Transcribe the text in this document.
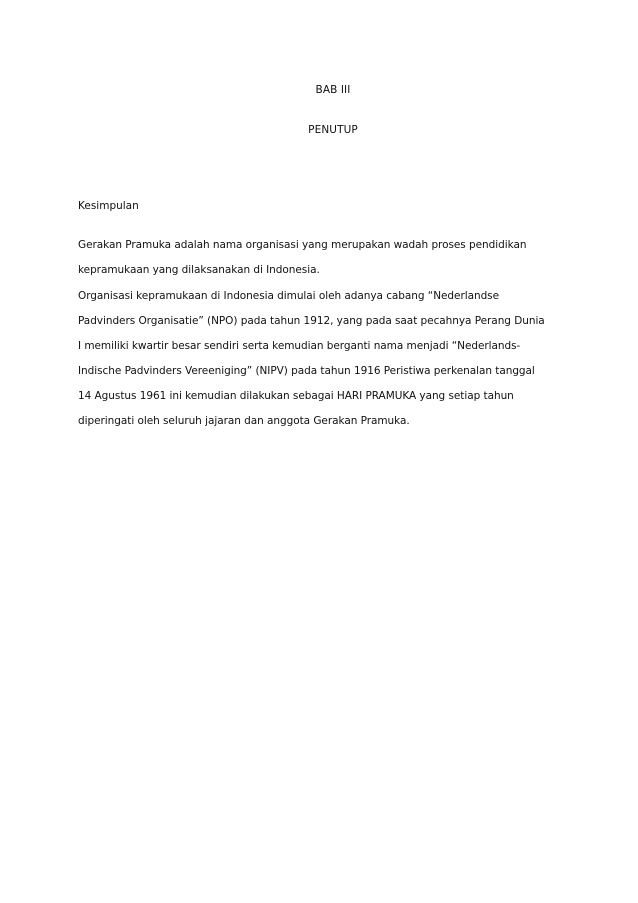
BAB III
PENUTUP
Kesimpulan
Gerakan Pramuka adalah nama organisasi yang merupakan wadah proses pendidikan
kepramukaan yang dilaksanakan di Indonesia.
Organisasi kepramukaan di Indonesia dimulai oleh adanya cabang “Nederlandse
Padvinders Organisatie” (NPO) pada tahun 1912, yang pada saat pecahnya Perang Dunia
I memiliki kwartir besar sendiri serta kemudian berganti nama menjadi “Nederlands-
Indische Padvinders Vereeniging” (NIPV) pada tahun 1916 Peristiwa perkenalan tanggal
14 Agustus 1961 ini kemudian dilakukan sebagai HARI PRAMUKA yang setiap tahun
diperingati oleh seluruh jajaran dan anggota Gerakan Pramuka.
